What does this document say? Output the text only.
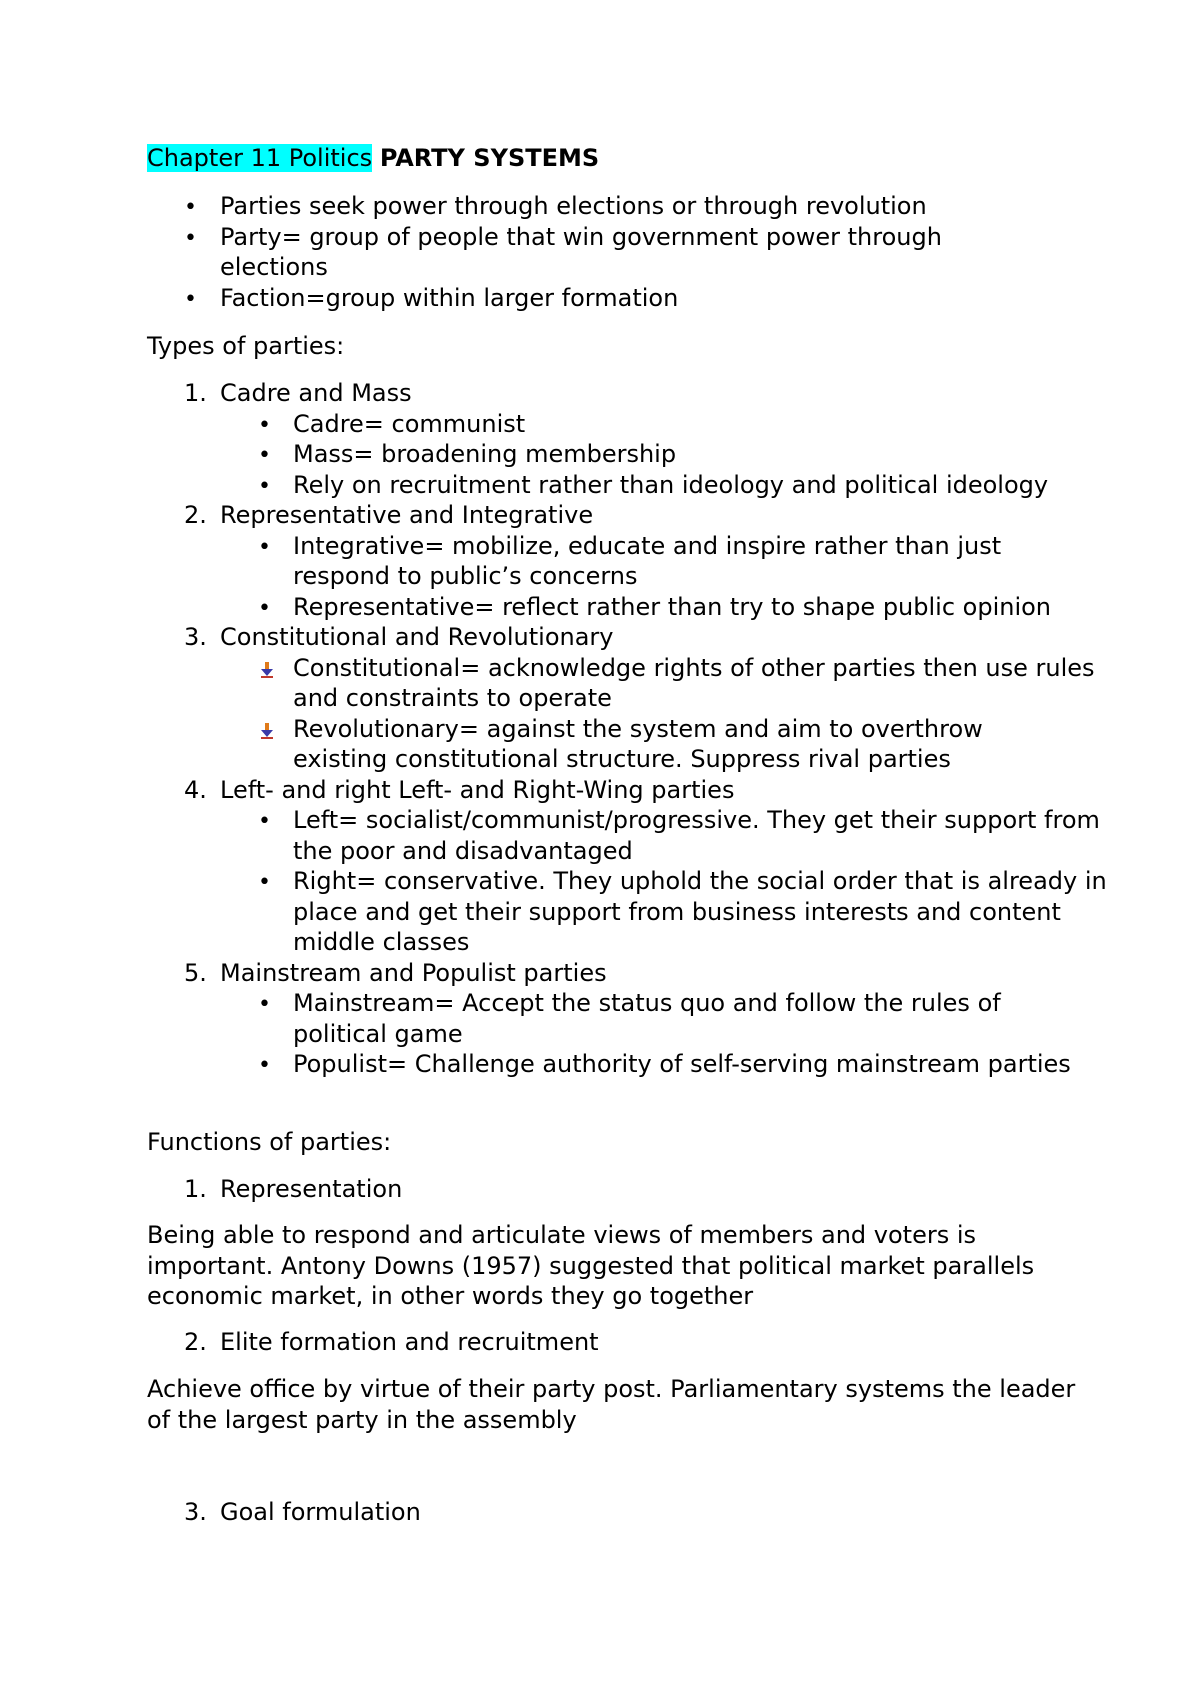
Chapter 11 Politics PARTY SYSTEMS

•
Parties seek power through elections or through revolution
•
Party= group of people that win government power through elections
•
Faction=group within larger formation

Types of parties:

1. Cadre and Mass
•
Cadre= communist
•
Mass= broadening membership
•
Rely on recruitment rather than ideology and political ideology
2. Representative and Integrative
•
Integrative= mobilize, educate and inspire rather than just respond to public’s concerns
•
Representative= reflect rather than try to shape public opinion
3. Constitutional and Revolutionary
Constitutional= acknowledge rights of other parties then use rules and constraints to operate
Revolutionary= against the system and aim to overthrow existing constitutional structure. Suppress rival parties
4. Left- and right Left- and Right-Wing parties
•
Left= socialist/communist/progressive. They get their support from the poor and disadvantaged
•
Right= conservative. They uphold the social order that is already in place and get their support from business interests and content middle classes
5. Mainstream and Populist parties
•
Mainstream= Accept the status quo and follow the rules of political game
•
Populist= Challenge authority of self-serving mainstream parties

Functions of parties:

1. Representation

Being able to respond and articulate views of members and voters is important. Antony Downs (1957) suggested that political market parallels economic market, in other words they go together

2. Elite formation and recruitment

Achieve office by virtue of their party post. Parliamentary systems the leader of the largest party in the assembly

3. Goal formulation
